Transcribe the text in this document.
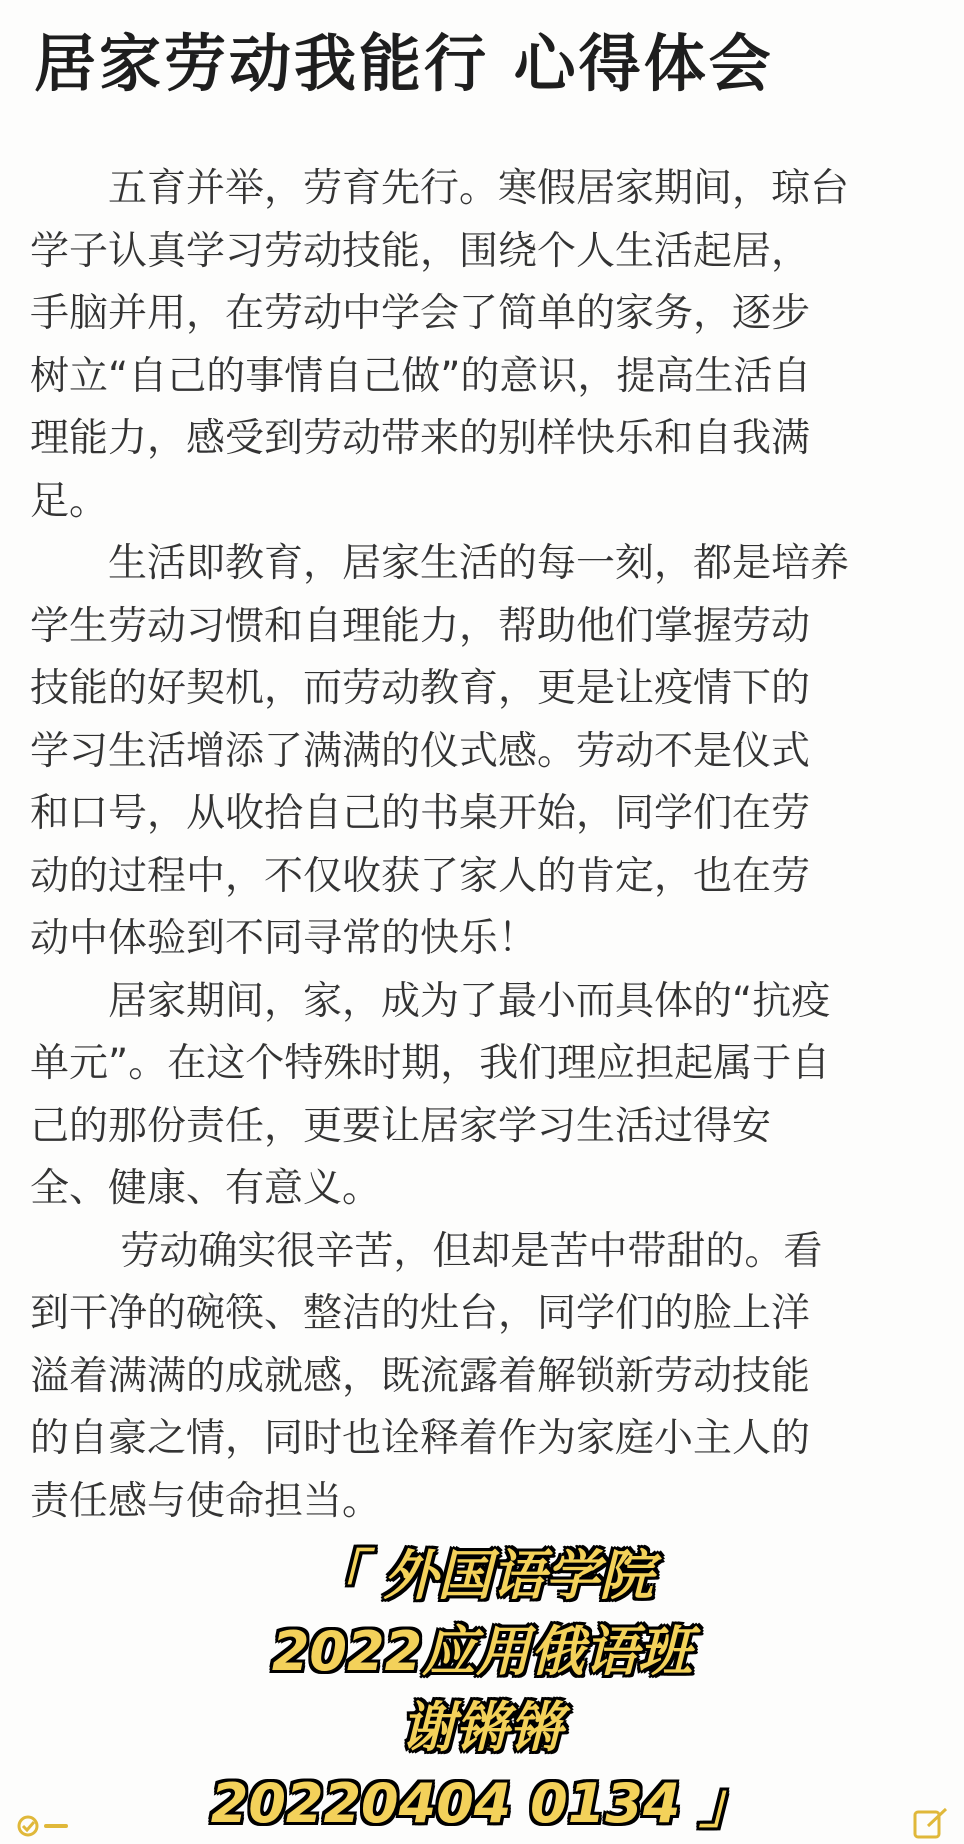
居家劳动我能行 心得体会
　　五育并举，劳育先行。寒假居家期间，琼台
学子认真学习劳动技能，围绕个人生活起居，
手脑并用，在劳动中学会了简单的家务，逐步
树立“自己的事情自己做”的意识，提高生活自
理能力，感受到劳动带来的别样快乐和自我满
足。
　　生活即教育，居家生活的每一刻，都是培养
学生劳动习惯和自理能力，帮助他们掌握劳动
技能的好契机，而劳动教育，更是让疫情下的
学习生活增添了满满的仪式感。劳动不是仪式
和口号，从收拾自己的书桌开始，同学们在劳
动的过程中，不仅收获了家人的肯定，也在劳
动中体验到不同寻常的快乐！
　　居家期间，家，成为了最小而具体的“抗疫
单元”。在这个特殊时期，我们理应担起属于自
己的那份责任，更要让居家学习生活过得安
全、健康、有意义。
　　 劳动确实很辛苦，但却是苦中带甜的。看
到干净的碗筷、整洁的灶台，同学们的脸上洋
溢着满满的成就感，既流露着解锁新劳动技能
的自豪之情，同时也诠释着作为家庭小主人的
责任感与使命担当。
「 外国语学院
2022应用俄语班
谢锵锵
20220404 0134 」
